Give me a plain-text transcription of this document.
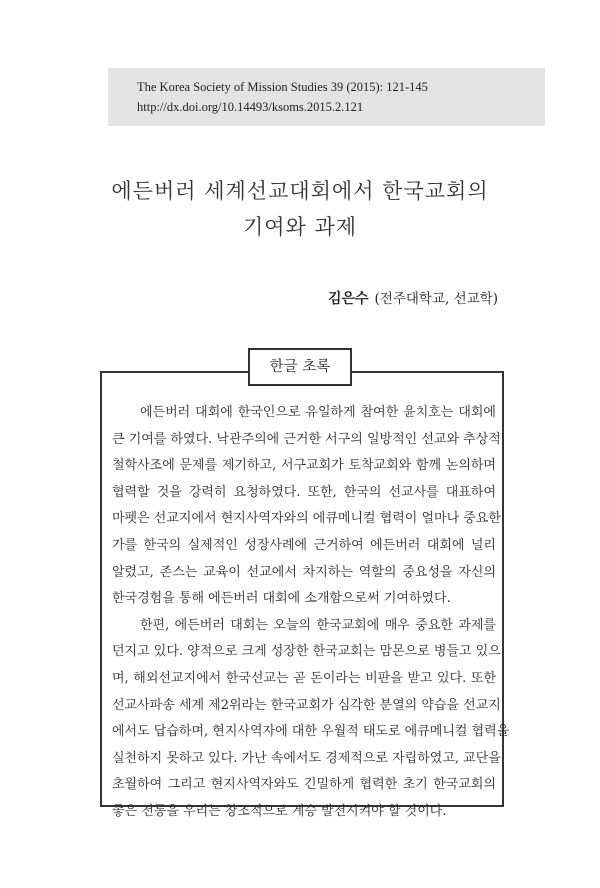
The Korea Society of Mission Studies 39 (2015): 121-145
http://dx.doi.org/10.14493/ksoms.2015.2.121
에든버러 세계선교대회에서 한국교회의
기여와 과제
김은수 (전주대학교, 선교학)
한글 초록
에든버러 대회에 한국인으로 유일하게 참여한 윤치호는 대회에
큰 기여를 하였다. 낙관주의에 근거한 서구의 일방적인 선교와 추상적
철학사조에 문제를 제기하고, 서구교회가 토착교회와 함께 논의하며
협력할 것을 강력히 요청하였다. 또한, 한국의 선교사를 대표하여
마펫은 선교지에서 현지사역자와의 에큐메니컬 협력이 얼마나 중요한
가를 한국의 실제적인 성장사례에 근거하여 에든버러 대회에 널리
알렸고, 존스는 교육이 선교에서 차지하는 역할의 중요성을 자신의
한국경험을 통해 에든버러 대회에 소개함으로써 기여하였다.
한편, 에든버러 대회는 오늘의 한국교회에 매우 중요한 과제를
던지고 있다. 양적으로 크게 성장한 한국교회는 맘몬으로 병들고 있으
며, 해외선교지에서 한국선교는 곧 돈이라는 비판을 받고 있다. 또한
선교사파송 세계 제2위라는 한국교회가 심각한 분열의 약습을 선교지
에서도 답습하며, 현지사역자에 대한 우월적 태도로 에큐메니컬 협력을
실천하지 못하고 있다. 가난 속에서도 경제적으로 자립하였고, 교단을
초월하여 그리고 현지사역자와도 긴밀하게 협력한 초기 한국교회의
좋은 전통을 우리는 창조적으로 계승 발전시켜야 할 것이다.
